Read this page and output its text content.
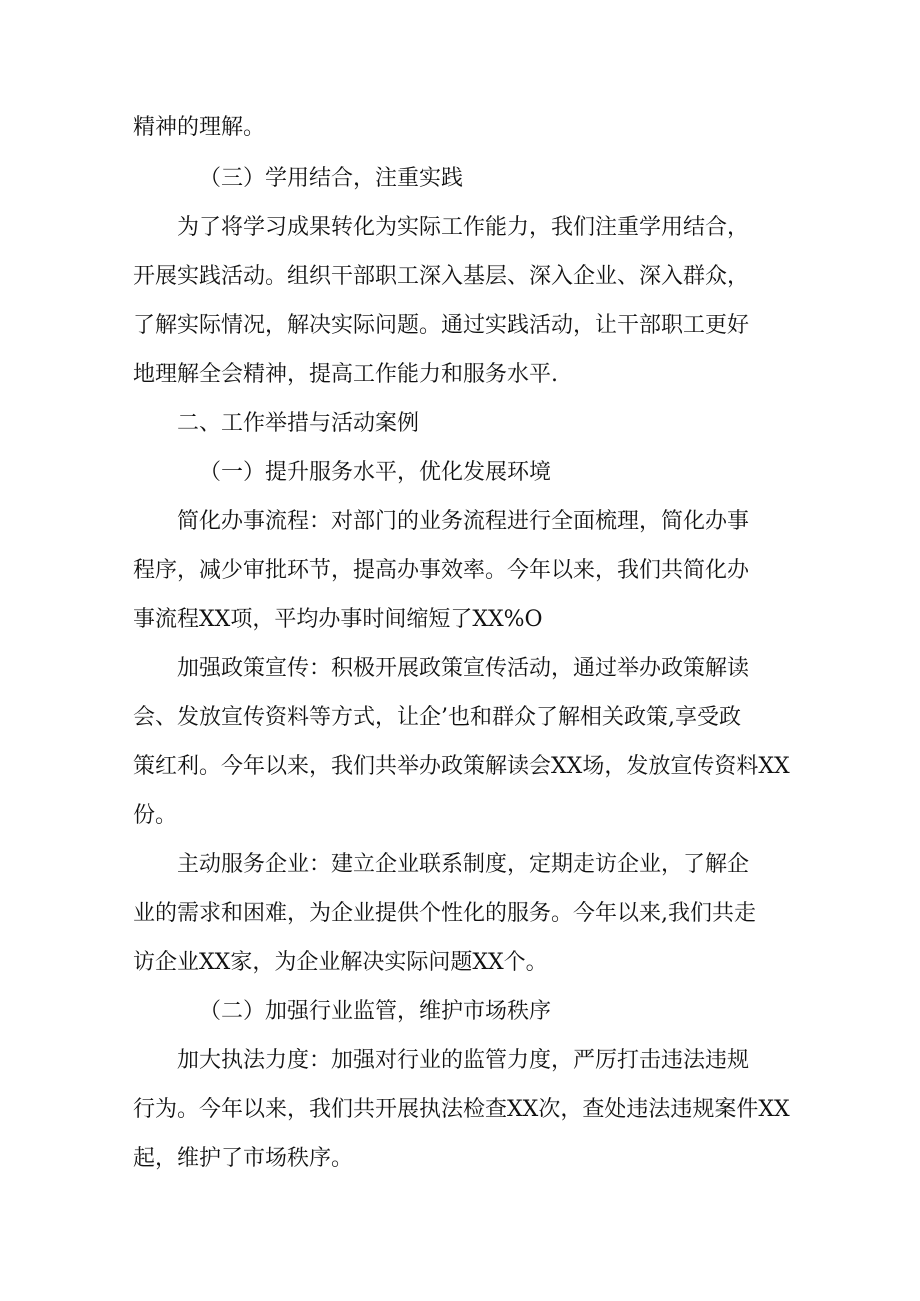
精神的理解。
（三）学用结合，注重实践
为了将学习成果转化为实际工作能力，我们注重学用结合，
开展实践活动。组织干部职工深入基层、深入企业、深入群众，
了解实际情况，解决实际问题。通过实践活动，让干部职工更好
地理解全会精神，提高工作能力和服务水平.
二、工作举措与活动案例
（一）提升服务水平，优化发展环境
简化办事流程：对部门的业务流程进行全面梳理，简化办事
程序，减少审批环节，提高办事效率。今年以来，我们共简化办
事流程XX项，平均办事时间缩短了XX%O
加强政策宣传：积极开展政策宣传活动，通过举办政策解读
会、发放宣传资料等方式，让企’也和群众了解相关政策,享受政
策红利。今年以来，我们共举办政策解读会XX场，发放宣传资料XX
份。
主动服务企业：建立企业联系制度，定期走访企业，了解企
业的需求和困难，为企业提供个性化的服务。今年以来,我们共走
访企业XX家，为企业解决实际问题XX个。
（二）加强行业监管，维护市场秩序
加大执法力度：加强对行业的监管力度，严厉打击违法违规
行为。今年以来，我们共开展执法检查XX次，查处违法违规案件XX
起，维护了市场秩序。
